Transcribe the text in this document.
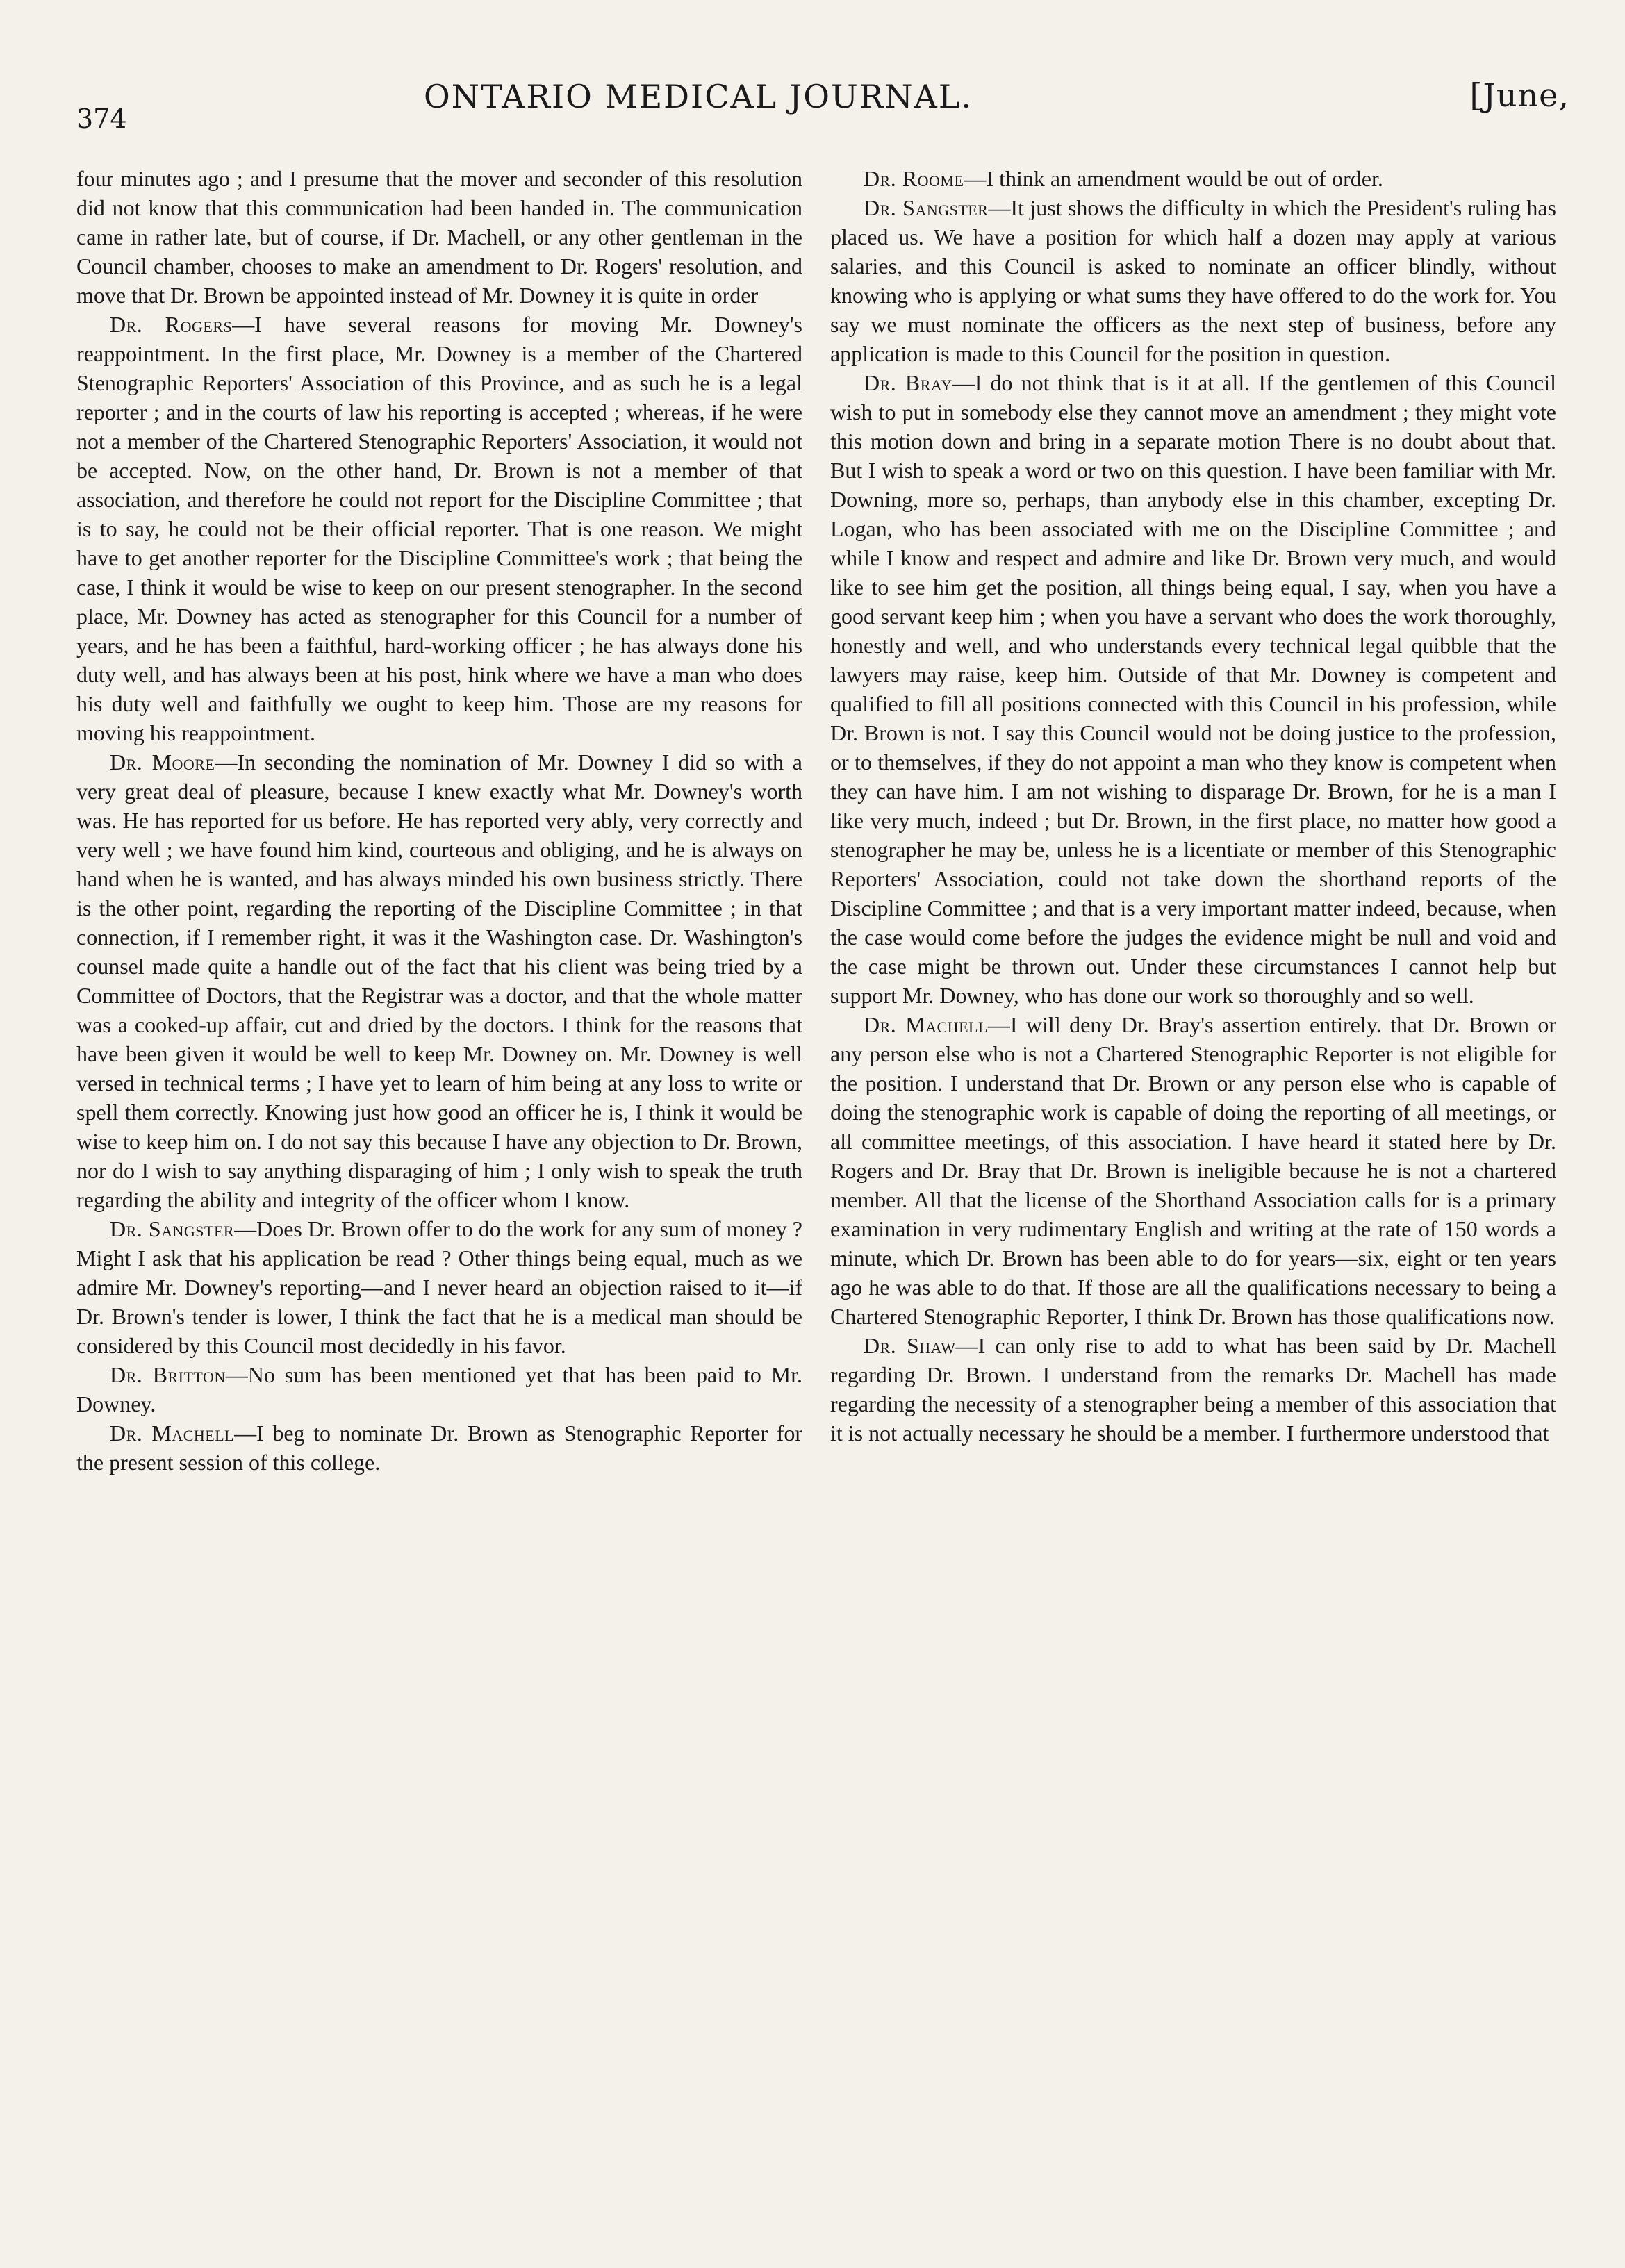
374
ONTARIO MEDICAL JOURNAL.	[June,

four minutes ago ; and I presume that the mover and seconder of this resolution did not know that this communication had been handed in. The communication came in rather late, but of course, if Dr. Machell, or any other gentleman in the Council chamber, chooses to make an amendment to Dr. Rogers' resolution, and move that Dr. Brown be appointed instead of Mr. Downey it is quite in order

Dr. Rogers—I have several reasons for moving Mr. Downey's reappointment. In the first place, Mr. Downey is a member of the Chartered Stenographic Reporters' Association of this Province, and as such he is a legal reporter ; and in the courts of law his reporting is accepted ; whereas, if he were not a member of the Chartered Stenographic Reporters' Association, it would not be accepted. Now, on the other hand, Dr. Brown is not a member of that association, and therefore he could not report for the Discipline Committee ; that is to say, he could not be their official reporter. That is one reason. We might have to get another reporter for the Discipline Committee's work ; that being the case, I think it would be wise to keep on our present stenographer. In the second place, Mr. Downey has acted as stenographer for this Council for a number of years, and he has been a faithful, hard-working officer ; he has always done his duty well, and has always been at his post, hink where we have a man who does his duty well and faithfully we ought to keep him. Those are my reasons for moving his reappointment.

Dr. Moore—In seconding the nomination of Mr. Downey I did so with a very great deal of pleasure, because I knew exactly what Mr. Downey's worth was. He has reported for us before. He has reported very ably, very correctly and very well ; we have found him kind, courteous and obliging, and he is always on hand when he is wanted, and has always minded his own business strictly. There is the other point, regarding the reporting of the Discipline Committee ; in that connection, if I remember right, it was it the Washington case. Dr. Washington's counsel made quite a handle out of the fact that his client was being tried by a Committee of Doctors, that the Registrar was a doctor, and that the whole matter was a cooked-up affair, cut and dried by the doctors. I think for the reasons that have been given it would be well to keep Mr. Downey on. Mr. Downey is well versed in technical terms ; I have yet to learn of him being at any loss to write or spell them correctly. Knowing just how good an officer he is, I think it would be wise to keep him on. I do not say this because I have any objection to Dr. Brown, nor do I wish to say anything disparaging of him ; I only wish to speak the truth regarding the ability and integrity of the officer whom I know.

Dr. Sangster—Does Dr. Brown offer to do the work for any sum of money ? Might I ask that his application be read ? Other things being equal, much as we admire Mr. Downey's reporting—and I never heard an objection raised to it—if Dr. Brown's tender is lower, I think the fact that he is a medical man should be considered by this Council most decidedly in his favor.

Dr. Britton—No sum has been mentioned yet that has been paid to Mr. Downey.

Dr. Machell—I beg to nominate Dr. Brown as Stenographic Reporter for the present session of this college.

Dr. Roome—I think an amendment would be out of order.

Dr. Sangster—It just shows the difficulty in which the President's ruling has placed us. We have a position for which half a dozen may apply at various salaries, and this Council is asked to nominate an officer blindly, without knowing who is applying or what sums they have offered to do the work for. You say we must nominate the officers as the next step of business, before any application is made to this Council for the position in question.

Dr. Bray—I do not think that is it at all. If the gentlemen of this Council wish to put in somebody else they cannot move an amendment ; they might vote this motion down and bring in a separate motion There is no doubt about that. But I wish to speak a word or two on this question. I have been familiar with Mr. Downing, more so, perhaps, than anybody else in this chamber, excepting Dr. Logan, who has been associated with me on the Discipline Committee ; and while I know and respect and admire and like Dr. Brown very much, and would like to see him get the position, all things being equal, I say, when you have a good servant keep him ; when you have a servant who does the work thoroughly, honestly and well, and who understands every technical legal quibble that the lawyers may raise, keep him. Outside of that Mr. Downey is competent and qualified to fill all positions connected with this Council in his profession, while Dr. Brown is not. I say this Council would not be doing justice to the profession, or to themselves, if they do not appoint a man who they know is competent when they can have him. I am not wishing to disparage Dr. Brown, for he is a man I like very much, indeed ; but Dr. Brown, in the first place, no matter how good a stenographer he may be, unless he is a licentiate or member of this Stenographic Reporters' Association, could not take down the shorthand reports of the Discipline Committee ; and that is a very important matter indeed, because, when the case would come before the judges the evidence might be null and void and the case might be thrown out. Under these circumstances I cannot help but support Mr. Downey, who has done our work so thoroughly and so well.

Dr. Machell—I will deny Dr. Bray's assertion entirely. that Dr. Brown or any person else who is not a Chartered Stenographic Reporter is not eligible for the position. I understand that Dr. Brown or any person else who is capable of doing the stenographic work is capable of doing the reporting of all meetings, or all committee meetings, of this association. I have heard it stated here by Dr. Rogers and Dr. Bray that Dr. Brown is ineligible because he is not a chartered member. All that the license of the Shorthand Association calls for is a primary examination in very rudimentary English and writing at the rate of 150 words a minute, which Dr. Brown has been able to do for years—six, eight or ten years ago he was able to do that. If those are all the qualifications necessary to being a Chartered Stenographic Reporter, I think Dr. Brown has those qualifications now.

Dr. Shaw—I can only rise to add to what has been said by Dr. Machell regarding Dr. Brown. I understand from the remarks Dr. Machell has made regarding the necessity of a stenographer being a member of this association that it is not actually necessary he should be a member. I furthermore understood that
